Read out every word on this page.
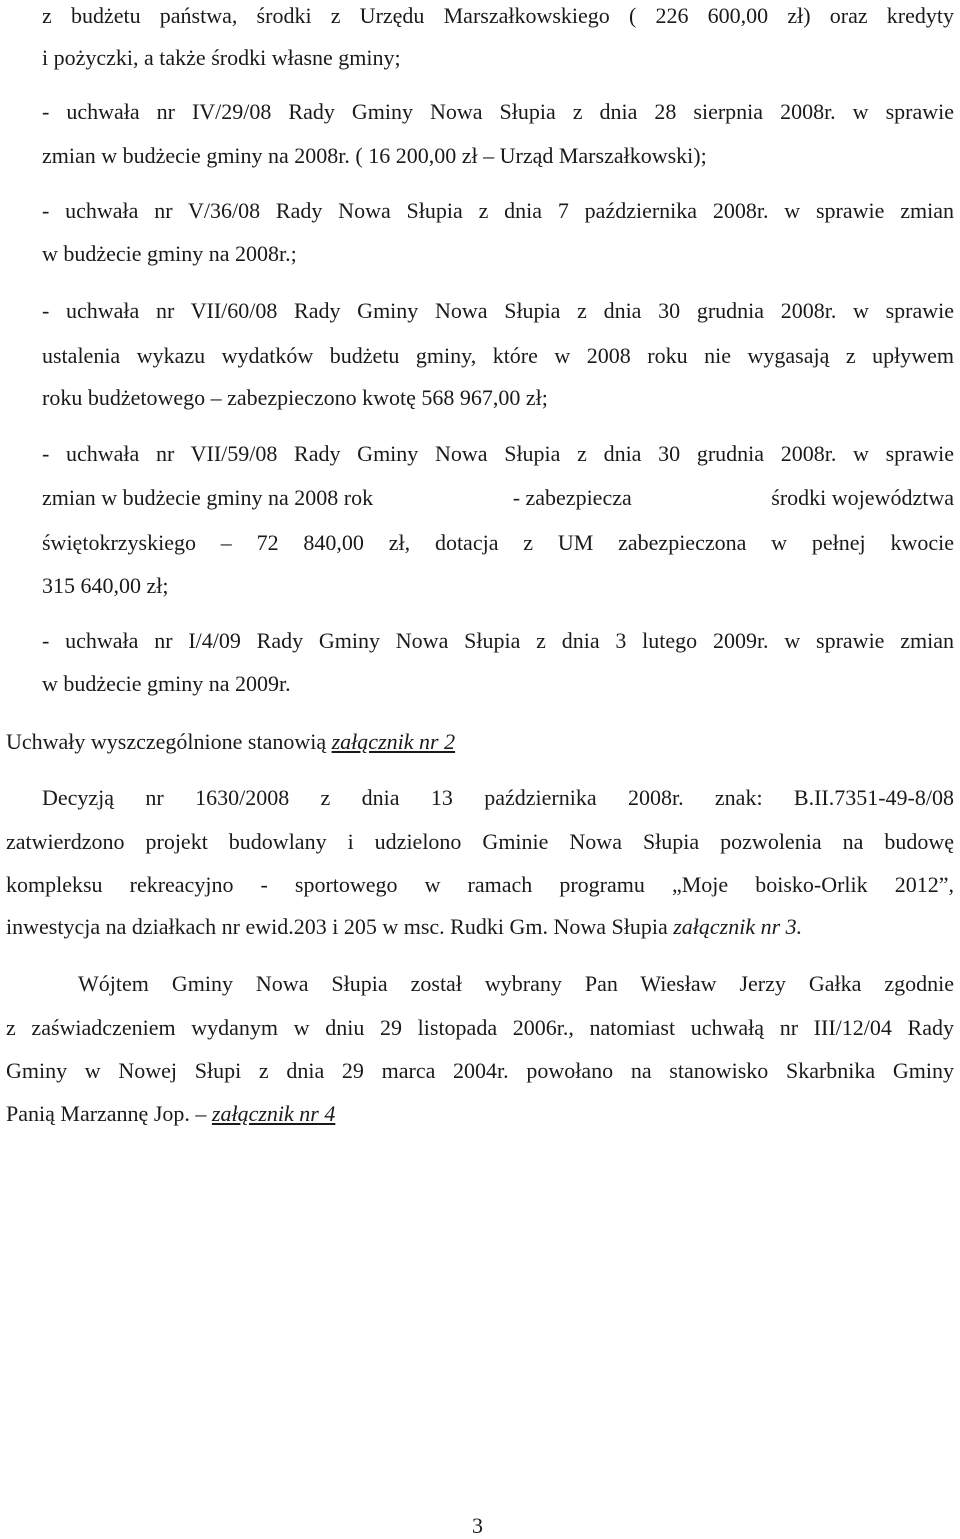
z budżetu państwa, środki z Urzędu Marszałkowskiego ( 226 600,00 zł) oraz kredyty
i pożyczki, a także środki własne gminy;
- uchwała nr IV/29/08 Rady Gminy Nowa Słupia z dnia 28 sierpnia 2008r. w sprawie
zmian w budżecie gminy na 2008r. ( 16 200,00 zł – Urząd Marszałkowski);
- uchwała nr V/36/08 Rady Nowa Słupia z dnia 7 października 2008r. w sprawie zmian
w budżecie gminy na 2008r.;
- uchwała nr VII/60/08 Rady Gminy Nowa Słupia z dnia 30 grudnia 2008r. w sprawie
ustalenia wykazu wydatków budżetu gminy, które w 2008 roku nie wygasają z upływem
roku budżetowego – zabezpieczono kwotę 568 967,00 zł;
- uchwała nr VII/59/08 Rady Gminy Nowa Słupia z dnia 30 grudnia 2008r. w sprawie
zmian w budżecie gminy na 2008 rok	- zabezpiecza	środki województwa
świętokrzyskiego – 72 840,00 zł, dotacja z UM zabezpieczona w pełnej kwocie
315 640,00 zł;
- uchwała nr I/4/09 Rady Gminy Nowa Słupia z dnia 3 lutego 2009r. w sprawie zmian
w budżecie gminy na 2009r.
Uchwały wyszczególnione stanowią załącznik nr 2
Decyzją nr 1630/2008 z dnia 13 października 2008r. znak: B.II.7351-49-8/08
zatwierdzono projekt budowlany i udzielono Gminie Nowa Słupia pozwolenia na budowę
kompleksu rekreacyjno - sportowego w ramach programu „Moje boisko-Orlik 2012”,
inwestycja na działkach nr ewid.203 i 205 w msc. Rudki Gm. Nowa Słupia załącznik nr 3.
Wójtem Gminy Nowa Słupia został wybrany Pan Wiesław Jerzy Gałka zgodnie
z zaświadczeniem wydanym w dniu 29 listopada 2006r., natomiast uchwałą nr III/12/04 Rady
Gminy w Nowej Słupi z dnia 29 marca 2004r. powołano na stanowisko Skarbnika Gminy
Panią Marzannę Jop. – załącznik nr 4
3
